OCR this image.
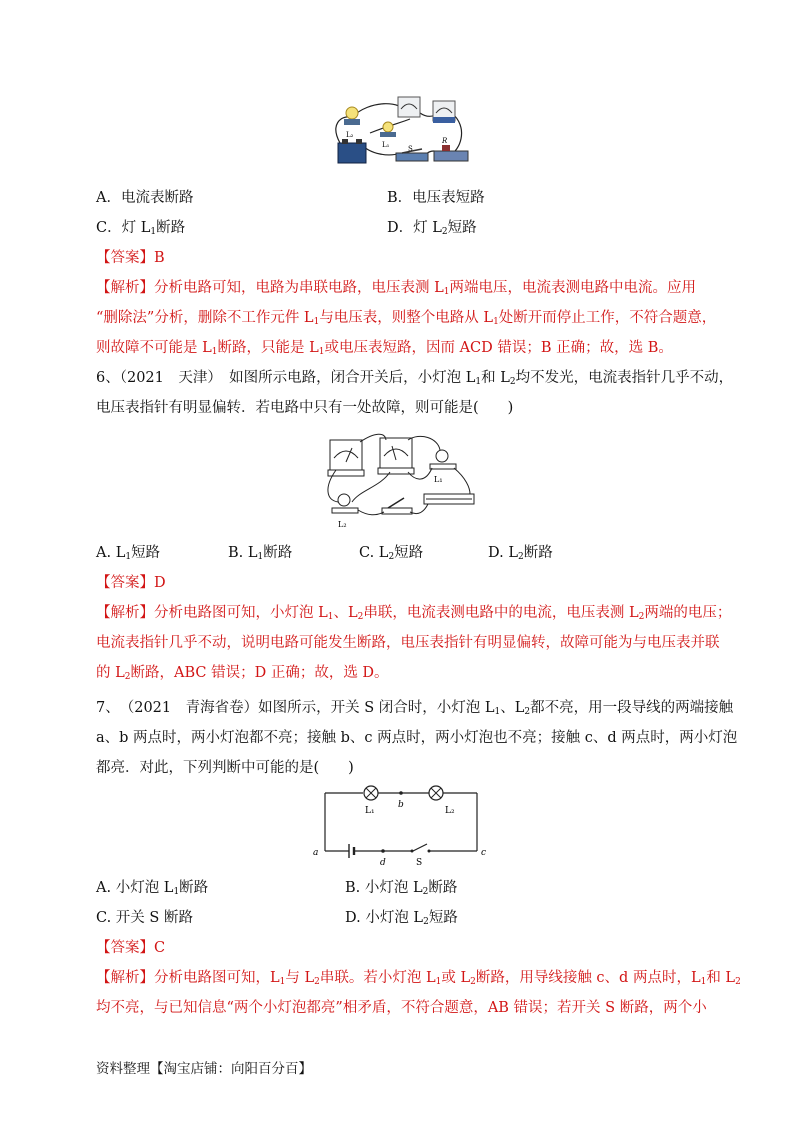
L₂
L₁	S
R
A．电流表断路	B．电压表短路
C．灯 $L_1$断路	D．灯 $L_2$短路
【答案】B
【解析】分析电路可知，电路为串联电路，电压表测 $L_1$两端电压，电流表测电路中电流。应用
“删除法”分析，删除不工作元件 $L_1$与电压表，则整个电路从 $L_1$处断开而停止工作，不符合题意，
则故障不可能是 $L_1$断路，只能是 $L_1$或电压表短路，因而 ACD 错误；B 正确；故，选 B。
6、（2021　天津）　如图所示电路，闭合开关后，小灯泡 $L_1$和 $L_2$均不发光，电流表指针几乎不动，
电压表指针有明显偏转．若电路中只有一处故障，则可能是(　　)
L₁
L₂
A. $L_1$短路	B. $L_1$断路	C. $L_2$短路	D. $L_2$断路
【答案】D
【解析】分析电路图可知，小灯泡 $L_1$、$L_2$串联，电流表测电路中的电流，电压表测 $L_2$两端的电压；
电流表指针几乎不动，说明电路可能发生断路，电压表指针有明显偏转，故障可能为与电压表并联
的 $L_2$断路，ABC 错误；D 正确；故，选 D。
7、　（2021　青海省卷）如图所示，开关 S 闭合时，小灯泡 $L_1$、$L_2$都不亮，用一段导线的两端接触
a、b 两点时，两小灯泡都不亮；接触 b、c 两点时，两小灯泡也不亮；接触 c、d 两点时，两小灯泡
都亮．对此，下列判断中可能的是(　　)
L₁	L₂
b
a	c
d	S
A. 小灯泡 $L_1$断路	B. 小灯泡 $L_2$断路
C. 开关 S 断路	D. 小灯泡 $L_2$短路
【答案】C
【解析】分析电路图可知，$L_1$与 $L_2$串联。若小灯泡 $L_1$或 $L_2$断路，用导线接触 c、d 两点时，$L_1$和 $L_2$
均不亮，与已知信息“两个小灯泡都亮”相矛盾，不符合题意，AB 错误；若开关 S 断路，两个小
资料整理【淘宝店铺：向阳百分百】
